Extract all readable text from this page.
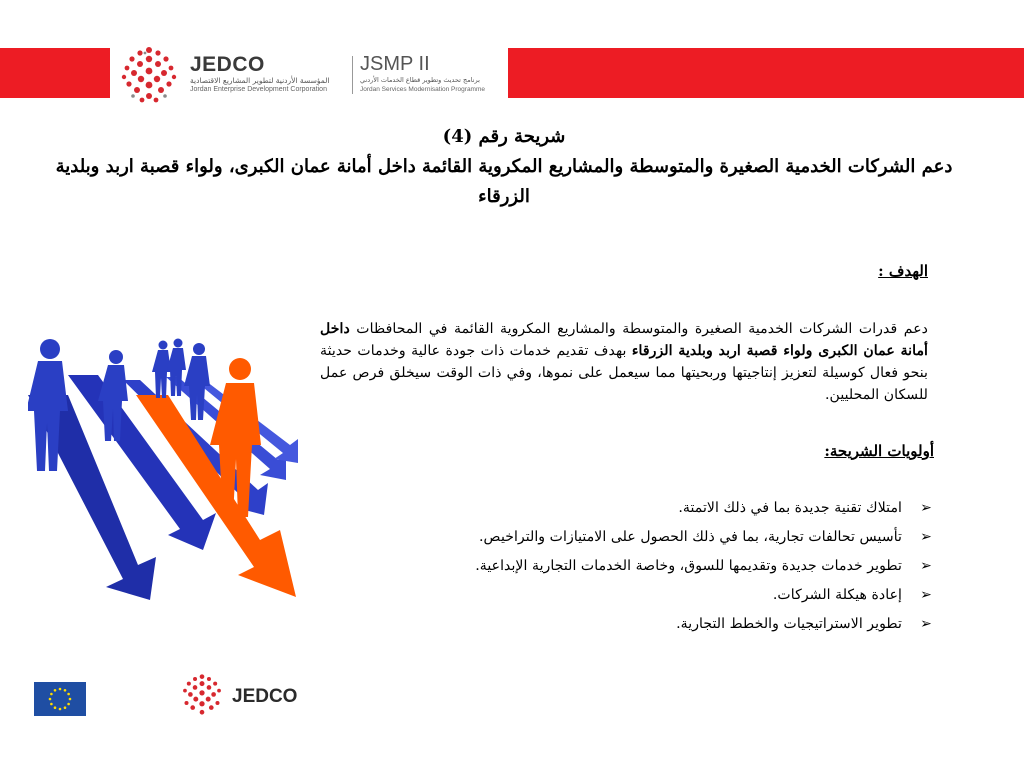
JEDCO
المؤسسة الأردنية لتطوير المشاريع الاقتصادية
Jordan Enterprise Development Corporation
JSMP II
برنامج تحديث وتطوير قطاع الخدمات الأردني
Jordan Services Modernisation Programme
شريحة رقم (4)
دعم الشركات الخدمية الصغيرة والمتوسطة والمشاريع المكروية القائمة داخل أمانة عمان الكبرى، ولواء قصبة اربد وبلدية الزرقاء
الهدف :
دعم قدرات الشركات الخدمية الصغيرة والمتوسطة والمشاريع المكروية القائمة في المحافظات داخل أمانة عمان الكبرى ولواء قصبة اربد وبلدية الزرقاء بهدف تقديم خدمات ذات جودة عالية وخدمات حديثة بنحو فعال كوسيلة لتعزيز إنتاجيتها وربحيتها مما سيعمل على نموها، وفي ذات الوقت سيخلق فرص عمل للسكان المحليين.
أولويات الشريحة:
➢امتلاك تقنية جديدة بما في ذلك الاتمتة.
➢تأسيس تحالفات تجارية، بما في ذلك الحصول على الامتيازات والتراخيص.
➢تطوير خدمات جديدة وتقديمها للسوق، وخاصة الخدمات التجارية الإبداعية.
➢إعادة هيكلة الشركات.
➢تطوير الاستراتيجيات والخطط التجارية.
JEDCO
